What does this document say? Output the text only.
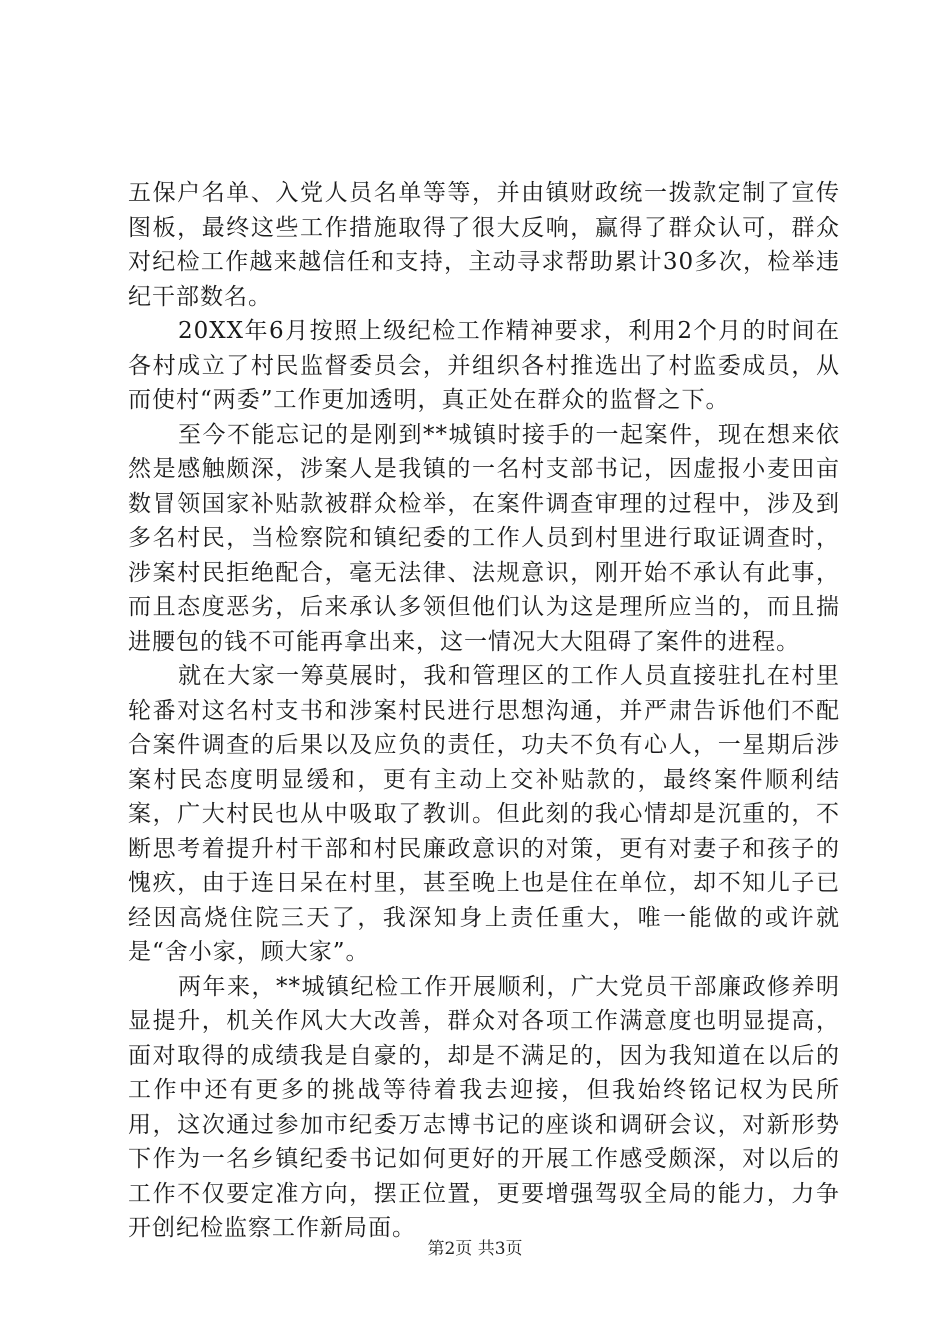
五保户名单、入党人员名单等等，并由镇财政统一拨款定制了宣传图板，最终这些工作措施取得了很大反响，赢得了群众认可，群众对纪检工作越来越信任和支持，主动寻求帮助累计30多次，检举违纪干部数名。

20XX年6月按照上级纪检工作精神要求，利用2个月的时间在各村成立了村民监督委员会，并组织各村推选出了村监委成员，从而使村“两委”工作更加透明，真正处在群众的监督之下。

至今不能忘记的是刚到**城镇时接手的一起案件，现在想来依然是感触颇深，涉案人是我镇的一名村支部书记，因虚报小麦田亩数冒领国家补贴款被群众检举，在案件调查审理的过程中，涉及到多名村民，当检察院和镇纪委的工作人员到村里进行取证调查时，涉案村民拒绝配合，毫无法律、法规意识，刚开始不承认有此事，而且态度恶劣，后来承认多领但他们认为这是理所应当的，而且揣进腰包的钱不可能再拿出来，这一情况大大阻碍了案件的进程。

就在大家一筹莫展时，我和管理区的工作人员直接驻扎在村里轮番对这名村支书和涉案村民进行思想沟通，并严肃告诉他们不配合案件调查的后果以及应负的责任，功夫不负有心人，一星期后涉案村民态度明显缓和，更有主动上交补贴款的，最终案件顺利结案，广大村民也从中吸取了教训。但此刻的我心情却是沉重的，不断思考着提升村干部和村民廉政意识的对策，更有对妻子和孩子的愧疚，由于连日呆在村里，甚至晚上也是住在单位，却不知儿子已经因高烧住院三天了，我深知身上责任重大，唯一能做的或许就是“舍小家，顾大家”。

两年来，**城镇纪检工作开展顺利，广大党员干部廉政修养明显提升，机关作风大大改善，群众对各项工作满意度也明显提高，面对取得的成绩我是自豪的，却是不满足的，因为我知道在以后的工作中还有更多的挑战等待着我去迎接，但我始终铭记权为民所用，这次通过参加市纪委万志博书记的座谈和调研会议，对新形势下作为一名乡镇纪委书记如何更好的开展工作感受颇深，对以后的工作不仅要定准方向，摆正位置，更要增强驾驭全局的能力，力争开创纪检监察工作新局面。

第2页 共3页
